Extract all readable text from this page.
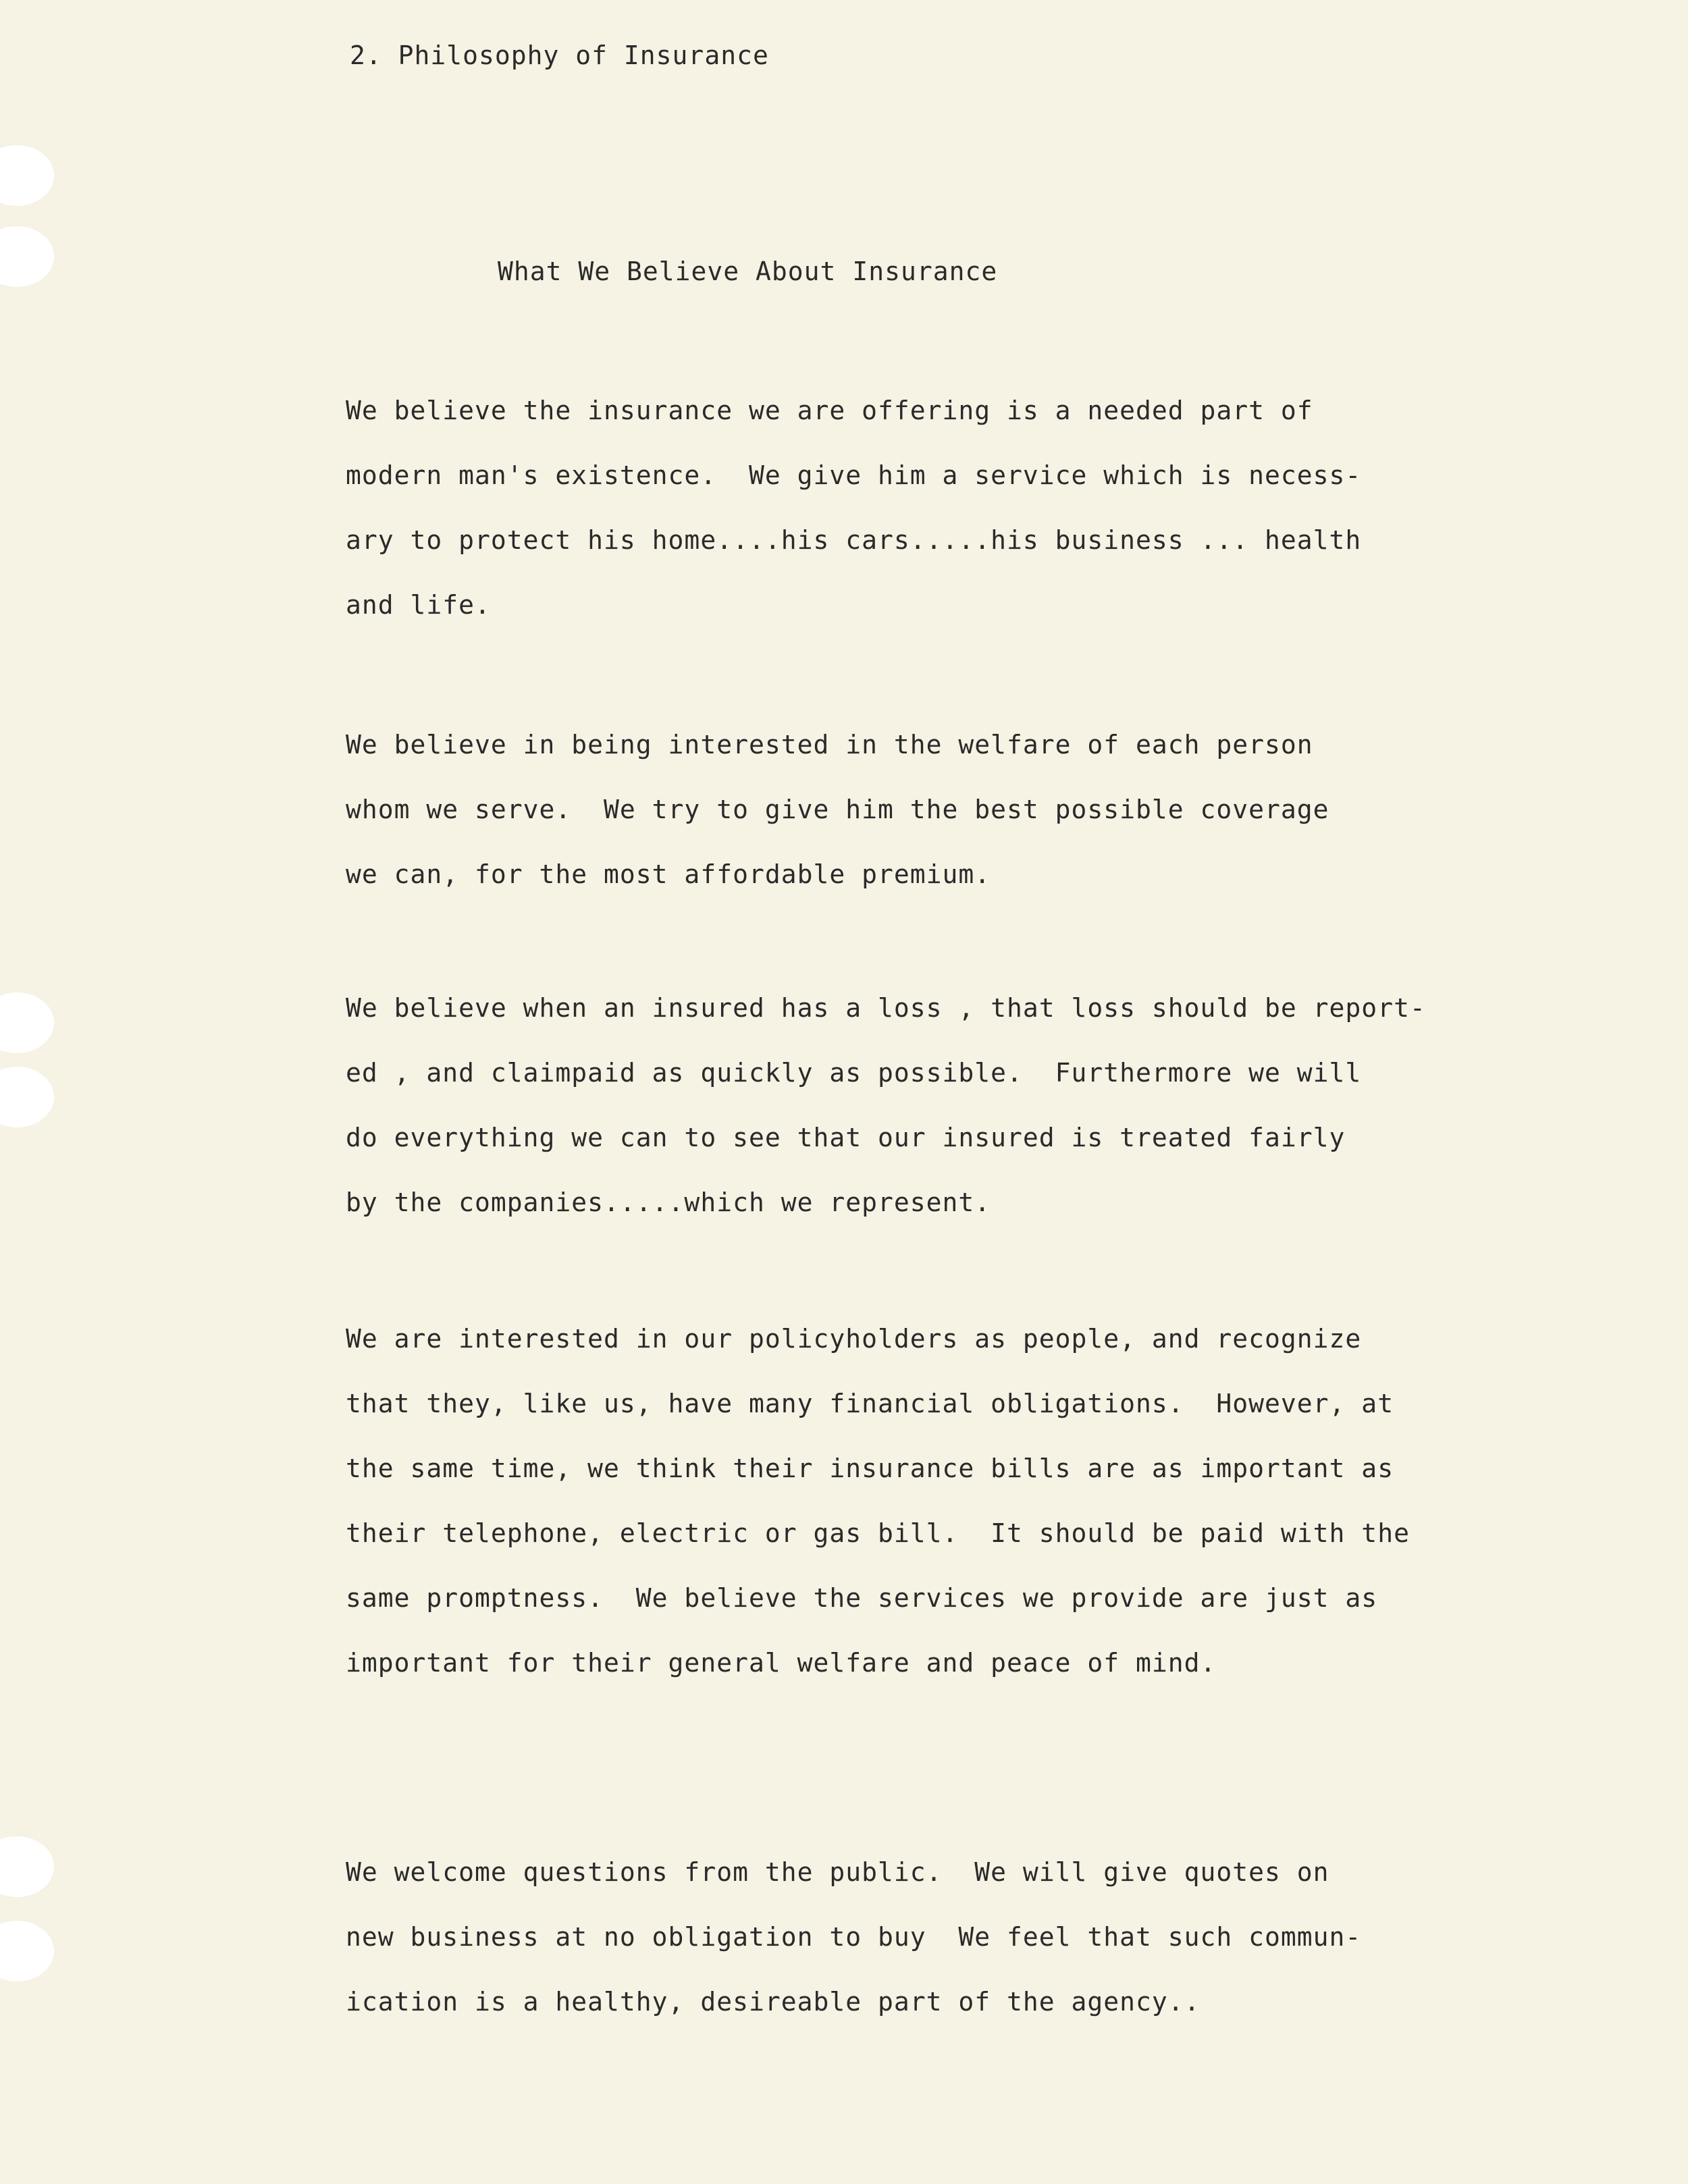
2. Philosophy of Insurance
What We Believe About Insurance
We believe the insurance we are offering is a needed part of
modern man's existence.  We give him a service which is necess-
ary to protect his home....his cars.....his business ... health
and life.
We believe in being interested in the welfare of each person
whom we serve.  We try to give him the best possible coverage
we can, for the most affordable premium.
We believe when an insured has a loss , that loss should be report-
ed , and claimpaid as quickly as possible.  Furthermore we will
do everything we can to see that our insured is treated fairly
by the companies.....which we represent.
We are interested in our policyholders as people, and recognize
that they, like us, have many financial obligations.  However, at
the same time, we think their insurance bills are as important as
their telephone, electric or gas bill.  It should be paid with the
same promptness.  We believe the services we provide are just as
important for their general welfare and peace of mind.
We welcome questions from the public.  We will give quotes on
new business at no obligation to buy  We feel that such commun-
ication is a healthy, desireable part of the agency..
